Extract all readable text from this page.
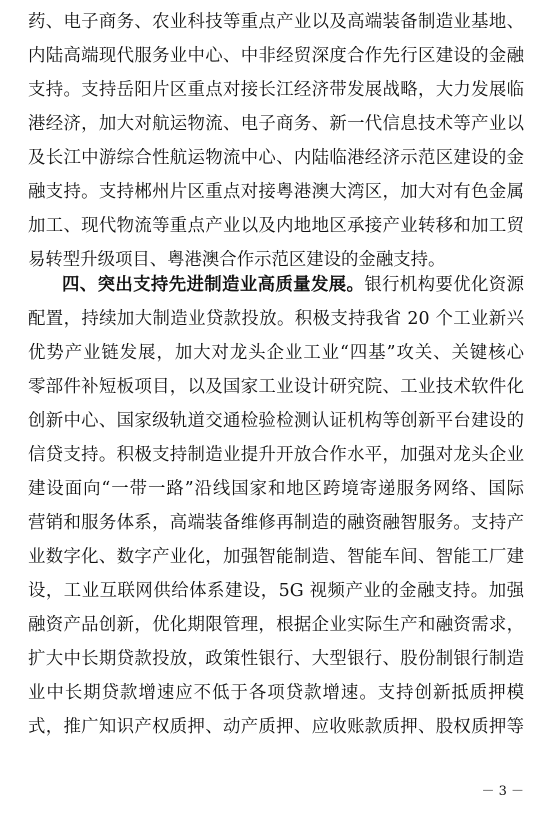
药、电子商务、农业科技等重点产业以及高端装备制造业基地、
内陆高端现代服务业中心、中非经贸深度合作先行区建设的金融
支持。支持岳阳片区重点对接长江经济带发展战略，大力发展临
港经济，加大对航运物流、电子商务、新一代信息技术等产业以
及长江中游综合性航运物流中心、内陆临港经济示范区建设的金
融支持。支持郴州片区重点对接粤港澳大湾区，加大对有色金属
加工、现代物流等重点产业以及内地地区承接产业转移和加工贸
易转型升级项目、粤港澳合作示范区建设的金融支持。
四、突出支持先进制造业高质量发展。银行机构要优化资源
配置，持续加大制造业贷款投放。积极支持我省 20 个工业新兴
优势产业链发展，加大对龙头企业工业“四基”攻关、关键核心
零部件补短板项目，以及国家工业设计研究院、工业技术软件化
创新中心、国家级轨道交通检验检测认证机构等创新平台建设的
信贷支持。积极支持制造业提升开放合作水平，加强对龙头企业
建设面向“一带一路”沿线国家和地区跨境寄递服务网络、国际
营销和服务体系，高端装备维修再制造的融资融智服务。支持产
业数字化、数字产业化，加强智能制造、智能车间、智能工厂建
设，工业互联网供给体系建设，5G 视频产业的金融支持。加强
融资产品创新，优化期限管理，根据企业实际生产和融资需求，
扩大中长期贷款投放，政策性银行、大型银行、股份制银行制造
业中长期贷款增速应不低于各项贷款增速。支持创新抵质押模
式，推广知识产权质押、动产质押、应收账款质押、股权质押等
－ 3 －
